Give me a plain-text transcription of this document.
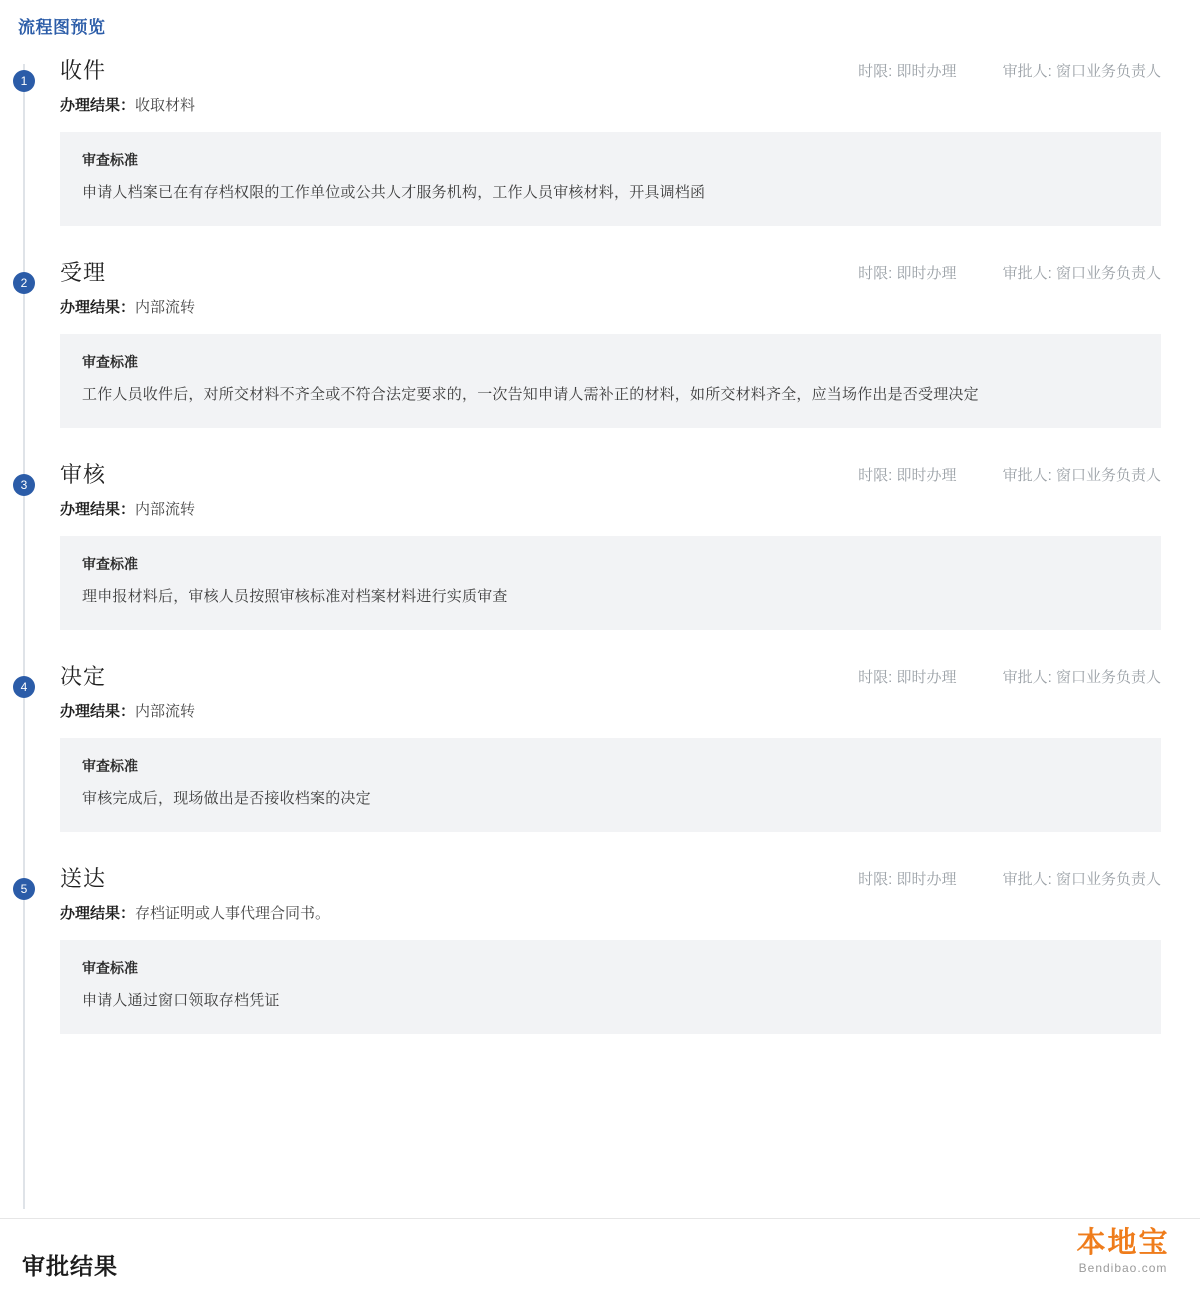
流程图预览
1	收件	时限: 即时办理	审批人: 窗口业务负责人
办理结果：收取材料
审查标准
申请人档案已在有存档权限的工作单位或公共人才服务机构，工作人员审核材料，开具调档函
2	受理	时限: 即时办理	审批人: 窗口业务负责人
办理结果：内部流转
审查标准
工作人员收件后，对所交材料不齐全或不符合法定要求的，一次告知申请人需补正的材料，如所交材料齐全，应当场作出是否受理决定
3	审核	时限: 即时办理	审批人: 窗口业务负责人
办理结果：内部流转
审查标准
理申报材料后，审核人员按照审核标准对档案材料进行实质审查
4	决定	时限: 即时办理	审批人: 窗口业务负责人
办理结果：内部流转
审查标准
审核完成后，现场做出是否接收档案的决定
5	送达	时限: 即时办理	审批人: 窗口业务负责人
办理结果：存档证明或人事代理合同书。
审查标准
申请人通过窗口领取存档凭证
审批结果
本地宝
Bendibao.com
